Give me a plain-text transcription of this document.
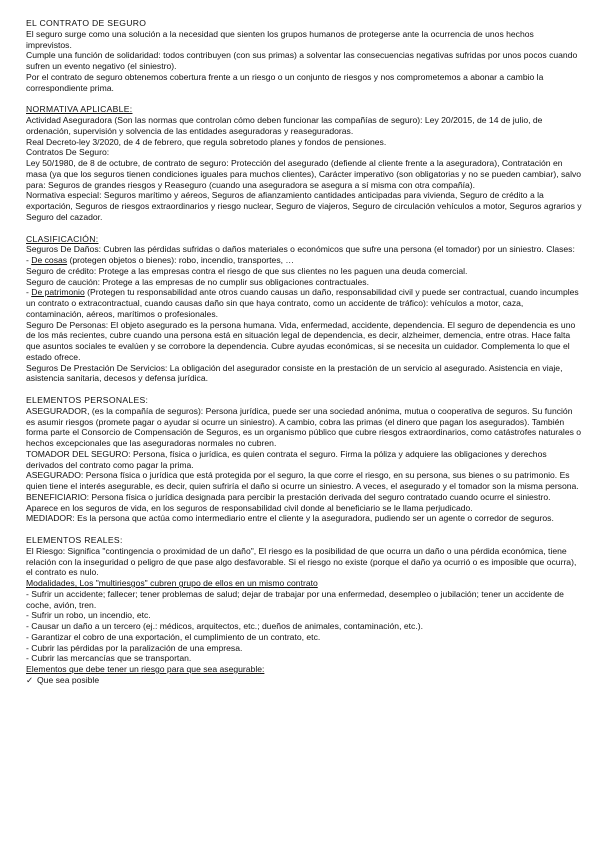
EL CONTRATO DE SEGURO

El seguro surge como una solución a la necesidad que sienten los grupos humanos de protegerse ante la ocurrencia de unos hechos imprevistos.

Cumple una función de solidaridad: todos contribuyen (con sus primas) a solventar las consecuencias negativas sufridas por unos pocos cuando sufren un evento negativo (el siniestro).

Por el contrato de seguro obtenemos cobertura frente a un riesgo o un conjunto de riesgos y nos comprometemos a abonar a cambio la correspondiente prima.

NORMATIVA APLICABLE:

Actividad Aseguradora (Son las normas que controlan cómo deben funcionar las compañías de seguro): Ley 20/2015, de 14 de julio, de ordenación, supervisión y solvencia de las entidades aseguradoras y reaseguradoras.

Real Decreto-ley 3/2020, de 4 de febrero, que regula sobretodo planes y fondos de pensiones.

Contratos De Seguro:

Ley 50/1980, de 8 de octubre, de contrato de seguro: Protección del asegurado (defiende al cliente frente a la aseguradora), Contratación en masa (ya que los seguros tienen condiciones iguales para muchos clientes), Carácter imperativo (son obligatorias y no se pueden cambiar), salvo para: Seguros de grandes riesgos y Reaseguro (cuando una aseguradora se asegura a sí misma con otra compañía).

Normativa especial: Seguros marítimo y aéreos, Seguros de afianzamiento cantidades anticipadas para vivienda, Seguro de crédito a la exportación, Seguros de riesgos extraordinarios y riesgo nuclear, Seguro de viajeros, Seguro de circulación vehículos a motor, Seguros agrarios y Seguro del cazador.

CLASIFICACIÓN:

Seguros De Daños: Cubren las pérdidas sufridas o daños materiales o económicos que sufre una persona (el tomador) por un siniestro. Clases:

- De cosas (protegen objetos o bienes): robo, incendio, transportes, …

Seguro de crédito: Protege a las empresas contra el riesgo de que sus clientes no les paguen una deuda comercial.

Seguro de caución: Protege a las empresas de no cumplir sus obligaciones contractuales.

- De patrimonio (Protegen tu responsabilidad ante otros cuando causas un daño, responsabilidad civil y puede ser contractual, cuando incumples un contrato o extracontractual, cuando causas daño sin que haya contrato, como un accidente de tráfico): vehículos a motor, caza, contaminación, aéreos, marítimos o profesionales.

Seguro De Personas: El objeto asegurado es la persona humana. Vida, enfermedad, accidente, dependencia. El seguro de dependencia es uno de los más recientes, cubre cuando una persona está en situación legal de dependencia, es decir, alzheimer, demencia, entre otras. Hace falta que asuntos sociales te evalúen y se corrobore la dependencia. Cubre ayudas económicas, si se necesita un cuidador. Complementa lo que el estado ofrece.

Seguros De Prestación De Servicios: La obligación del asegurador consiste en la prestación de un servicio al asegurado. Asistencia en viaje, asistencia sanitaria, decesos y defensa jurídica.

ELEMENTOS PERSONALES:

ASEGURADOR, (es la compañía de seguros): Persona jurídica, puede ser una sociedad anónima, mutua o cooperativa de seguros. Su función es asumir riesgos (promete pagar o ayudar si ocurre un siniestro). A cambio, cobra las primas (el dinero que pagan los asegurados). También forma parte el Consorcio de Compensación de Seguros, es un organismo público que cubre riesgos extraordinarios, como catástrofes naturales o hechos excepcionales que las aseguradoras normales no cubren.

TOMADOR DEL SEGURO: Persona, física o jurídica, es quien contrata el seguro. Firma la póliza y adquiere las obligaciones y derechos derivados del contrato como pagar la prima.

ASEGURADO: Persona física o jurídica que está protegida por el seguro, la que corre el riesgo, en su persona, sus bienes o su patrimonio. Es quien tiene el interés asegurable, es decir, quien sufriría el daño si ocurre un siniestro. A veces, el asegurado y el tomador son la misma persona.

BENEFICIARIO: Persona física o jurídica designada para percibir la prestación derivada del seguro contratado cuando ocurre el siniestro. Aparece en los seguros de vida, en los seguros de responsabilidad civil donde al beneficiario se le llama perjudicado.

MEDIADOR: Es la persona que actúa como intermediario entre el cliente y la aseguradora, pudiendo ser un agente o corredor de seguros.

ELEMENTOS REALES:

El Riesgo: Significa "contingencia o proximidad de un daño", El riesgo es la posibilidad de que ocurra un daño o una pérdida económica, tiene relación con la inseguridad o peligro de que pase algo desfavorable. Si el riesgo no existe (porque el daño ya ocurrió o es imposible que ocurra), el contrato es nulo.

Modalidades, Los "multiriesgos" cubren grupo de ellos en un mismo contrato

- Sufrir un accidente; fallecer; tener problemas de salud; dejar de trabajar por una enfermedad, desempleo o jubilación; tener un accidente de coche, avión, tren.

- Sufrir un robo, un incendio, etc.

- Causar un daño a un tercero (ej.: médicos, arquitectos, etc.; dueños de animales, contaminación, etc.).

- Garantizar el cobro de una exportación, el cumplimiento de un contrato, etc.

- Cubrir las pérdidas por la paralización de una empresa.

- Cubrir las mercancías que se transportan.

Elementos que debe tener un riesgo para que sea asegurable:

✓ Que sea posible
